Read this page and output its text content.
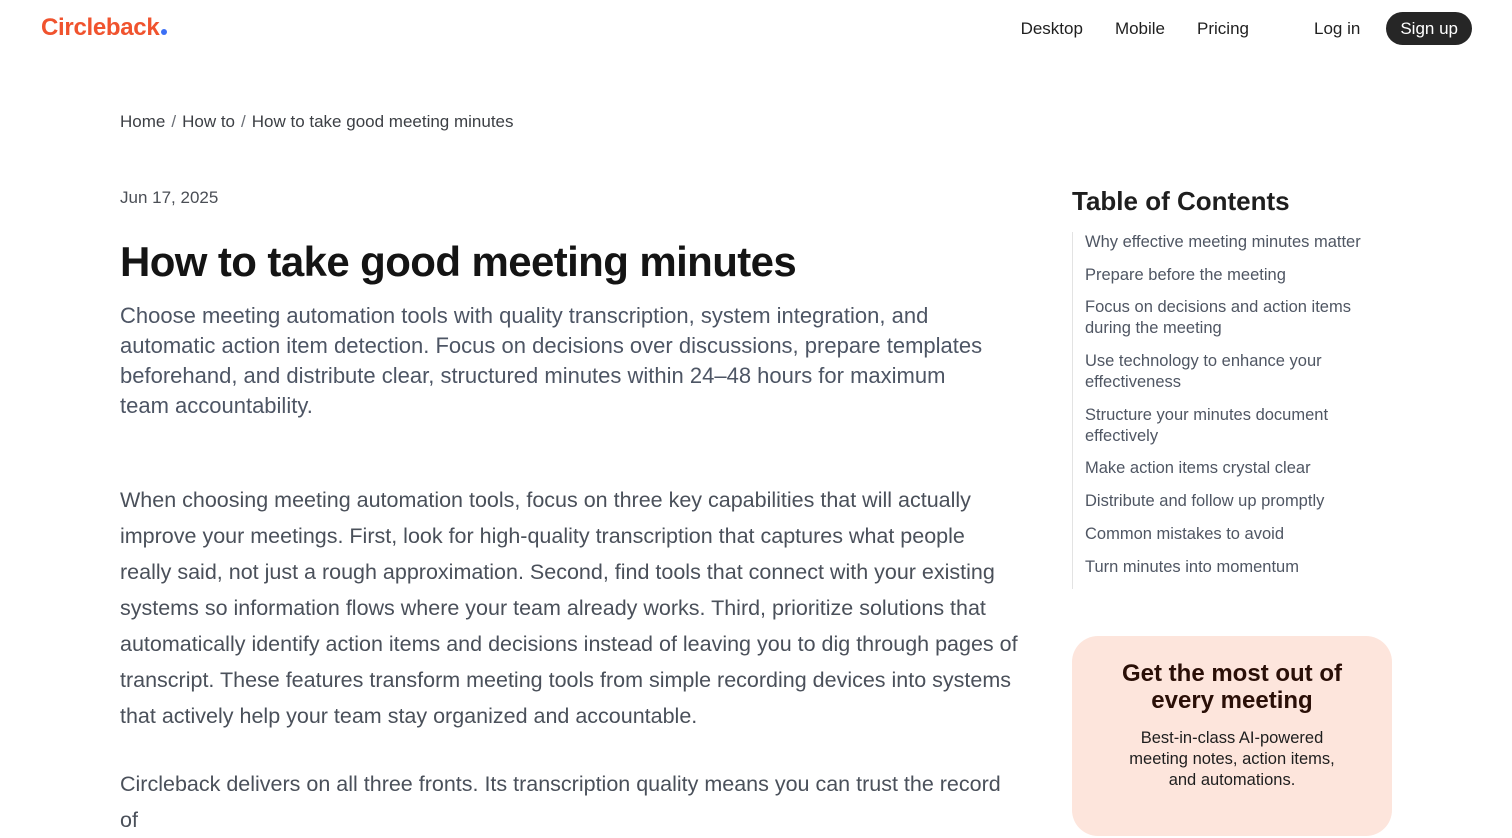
Circleback	Desktop Mobile Pricing	Log in	Sign up
Home / How to / How to take good meeting minutes
Jun 17, 2025
How to take good meeting minutes

Choose meeting automation tools with quality transcription, system integration, and automatic action item detection. Focus on decisions over discussions, prepare templates beforehand, and distribute clear, structured minutes within 24–48 hours for maximum team accountability.

When choosing meeting automation tools, focus on three key capabilities that will actually improve your meetings. First, look for high-quality transcription that captures what people really said, not just a rough approximation. Second, find tools that connect with your existing systems so information flows where your team already works. Third, prioritize solutions that automatically identify action items and decisions instead of leaving you to dig through pages of transcript. These features transform meeting tools from simple recording devices into systems that actively help your team stay organized and accountable.

Circleback delivers on all three fronts. Its transcription quality means you can trust the record of

Table of Contents
Why effective meeting minutes matter
Prepare before the meeting
Focus on decisions and action items during the meeting
Use technology to enhance your effectiveness
Structure your minutes document effectively
Make action items crystal clear
Distribute and follow up promptly
Common mistakes to avoid
Turn minutes into momentum
Get the most out of every meeting
Best-in-class AI-powered meeting notes, action items, and automations.
